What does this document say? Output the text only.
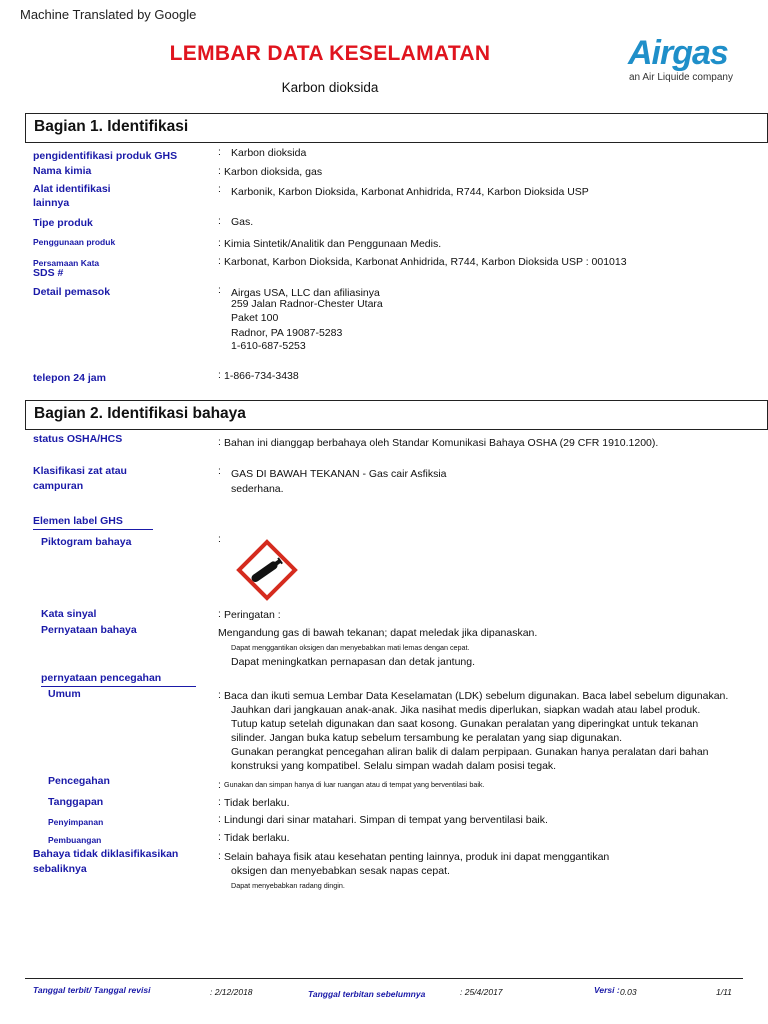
Machine Translated by Google
LEMBAR DATA KESELAMATAN
Karbon dioksida
Airgas
an Air Liquide company
Bagian 1. Identifikasi
pengidentifikasi produk GHS	: Karbon dioksida
Nama kimia	: Karbon dioksida, gas
Alat identifikasi
lainnya
: Karbonik, Karbon Dioksida, Karbonat Anhidrida, R744, Karbon Dioksida USP
Tipe produk	: Gas.
Penggunaan produk	: Kimia Sintetik/Analitik dan Penggunaan Medis.
Persamaan Kata
SDS #
: Karbonat, Karbon Dioksida, Karbonat Anhidrida, R744, Karbon Dioksida USP : 001013
Detail pemasok	: Airgas USA, LLC dan afiliasinya
259 Jalan Radnor-Chester Utara
Paket 100
Radnor, PA 19087-5283
1-610-687-5253
telepon 24 jam	: 1-866-734-3438
Bagian 2. Identifikasi bahaya
status OSHA/HCS	: Bahan ini dianggap berbahaya oleh Standar Komunikasi Bahaya OSHA (29 CFR 1910.1200).
Klasifikasi zat atau
campuran
: GAS DI BAWAH TEKANAN - Gas cair Asfiksia
sederhana.
Elemen label GHS
Piktogram bahaya	:
Kata sinyal	: Peringatan :
Pernyataan bahaya	Mengandung gas di bawah tekanan; dapat meledak jika dipanaskan.
Dapat menggantikan oksigen dan menyebabkan mati lemas dengan cepat.
Dapat meningkatkan pernapasan dan detak jantung.
pernyataan pencegahan
Umum	: Baca dan ikuti semua Lembar Data Keselamatan (LDK) sebelum digunakan. Baca label sebelum digunakan.
Jauhkan dari jangkauan anak-anak. Jika nasihat medis diperlukan, siapkan wadah atau label produk.
Tutup katup setelah digunakan dan saat kosong. Gunakan peralatan yang diperingkat untuk tekanan
silinder. Jangan buka katup sebelum tersambung ke peralatan yang siap digunakan.
Gunakan perangkat pencegahan aliran balik di dalam perpipaan. Gunakan hanya peralatan dari bahan
konstruksi yang kompatibel. Selalu simpan wadah dalam posisi tegak.
Pencegahan	: Gunakan dan simpan hanya di luar ruangan atau di tempat yang berventilasi baik.
Tanggapan	: Tidak berlaku.
Penyimpanan	: Lindungi dari sinar matahari. Simpan di tempat yang berventilasi baik.
Pembuangan	: Tidak berlaku.
Bahaya tidak diklasifikasikan
sebaliknya
: Selain bahaya fisik atau kesehatan penting lainnya, produk ini dapat menggantikan
oksigen dan menyebabkan sesak napas cepat.
Dapat menyebabkan radang dingin.
Tanggal terbit/ Tanggal revisi	: 2/12/2018	Tanggal terbitan sebelumnya	: 25/4/2017	Versi : 0.03	1/11
